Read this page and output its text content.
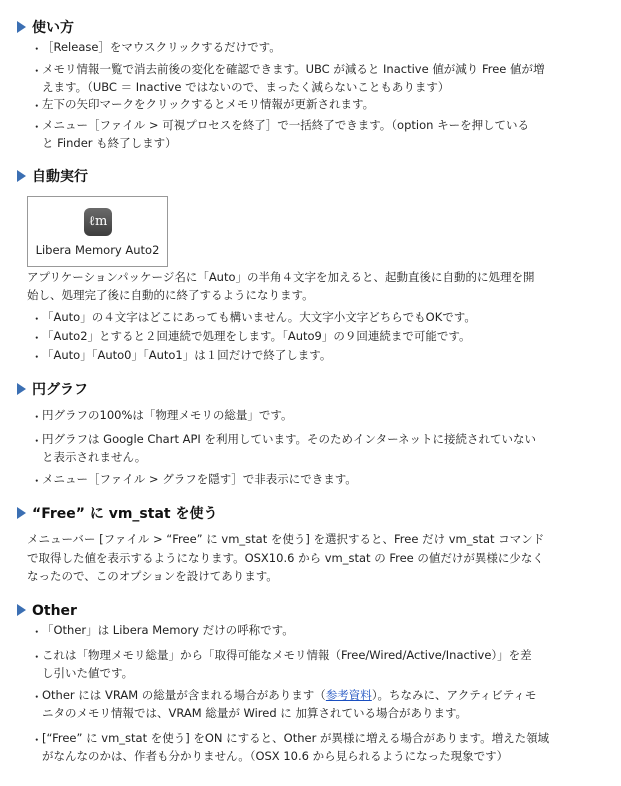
使い方
・ ［Release］をマウスクリックするだけです。
・ メモリ情報一覧で消去前後の変化を確認できます。UBC が減ると Inactive 値が減り Free 値が増
えます。（UBC ＝ Inactive ではないので、まったく減らないこともあります）
・ 左下の矢印マークをクリックするとメモリ情報が更新されます。
・ メニュー［ファイル > 可視プロセスを終了］で一括終了できます。（option キーを押している
と Finder も終了します）
自動実行
ℓm
Libera Memory Auto2
アプリケーションパッケージ名に「Auto」の半角４文字を加えると、起動直後に自動的に処理を開
始し、処理完了後に自動的に終了するようになります。
・ 「Auto」の４文字はどこにあっても構いません。大文字小文字どちらでもOKです。
・ 「Auto2」とすると２回連続で処理をします。「Auto9」の９回連続まで可能です。
・ 「Auto」「Auto0」「Auto1」は１回だけで終了します。
円グラフ
・ 円グラフの100%は「物理メモリの総量」です。
・ 円グラフは Google Chart API を利用しています。そのためインターネットに接続されていない
と表示されません。
・ メニュー［ファイル > グラフを隠す］で非表示にできます。
“Free” に vm_stat を使う
メニューバー [ファイル > “Free” に vm_stat を使う] を選択すると、Free だけ vm_stat コマンド
で取得した値を表示するようになります。OSX10.6 から vm_stat の Free の値だけが異様に少なく
なったので、このオプションを設けてあります。
Other
・ 「Other」は Libera Memory だけの呼称です。
・ これは「物理メモリ総量」から「取得可能なメモリ情報（Free/Wired/Active/Inactive）」を差
し引いた値です。
・ Other には VRAM の総量が含まれる場合があります（参考資料）。ちなみに、アクティビティモ
ニタのメモリ情報では、VRAM 総量が Wired に 加算されている場合があります。
・ [“Free” に vm_stat を使う] をON にすると、Other が異様に増える場合があります。増えた領域
がなんなのかは、作者も分かりません。（OSX 10.6 から見られるようになった現象です）
